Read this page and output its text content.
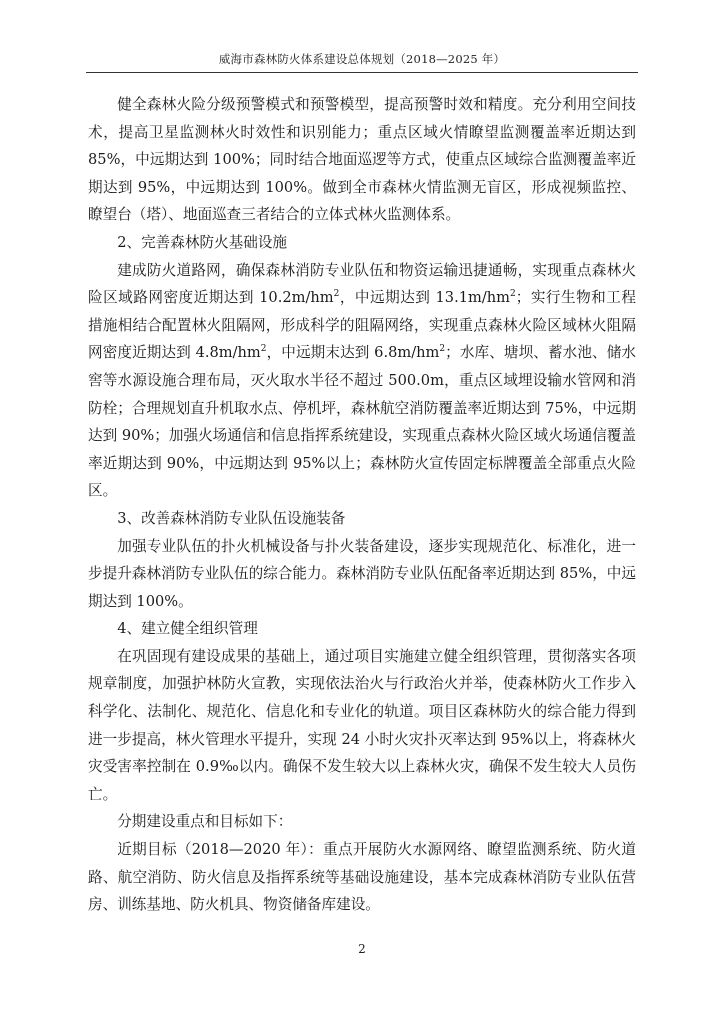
威海市森林防火体系建设总体规划（2018—2025 年）

健全森林火险分级预警模式和预警模型，提高预警时效和精度。充分利用空间技术，提高卫星监测林火时效性和识别能力；重点区域火情瞭望监测覆盖率近期达到 85%，中远期达到 100%；同时结合地面巡逻等方式，使重点区域综合监测覆盖率近期达到 95%，中远期达到 100%。做到全市森林火情监测无盲区，形成视频监控、瞭望台（塔）、地面巡查三者结合的立体式林火监测体系。

2、完善森林防火基础设施

建成防火道路网，确保森林消防专业队伍和物资运输迅捷通畅，实现重点森林火险区域路网密度近期达到 $10.2m/hm^2$，中远期达到 $13.1m/hm^2$；实行生物和工程措施相结合配置林火阻隔网，形成科学的阻隔网络，实现重点森林火险区域林火阻隔网密度近期达到 $4.8m/hm^2$，中远期末达到 $6.8m/hm^2$；水库、塘坝、蓄水池、储水窖等水源设施合理布局，灭火取水半径不超过 500.0m，重点区域埋设输水管网和消防栓；合理规划直升机取水点、停机坪，森林航空消防覆盖率近期达到 75%，中远期达到 90%；加强火场通信和信息指挥系统建设，实现重点森林火险区域火场通信覆盖率近期达到 90%，中远期达到 95%以上；森林防火宣传固定标牌覆盖全部重点火险区。

3、改善森林消防专业队伍设施装备

加强专业队伍的扑火机械设备与扑火装备建设，逐步实现规范化、标准化，进一步提升森林消防专业队伍的综合能力。森林消防专业队伍配备率近期达到 85%，中远期达到 100%。

4、建立健全组织管理

在巩固现有建设成果的基础上，通过项目实施建立健全组织管理，贯彻落实各项规章制度，加强护林防火宣教，实现依法治火与行政治火并举，使森林防火工作步入科学化、法制化、规范化、信息化和专业化的轨道。项目区森林防火的综合能力得到进一步提高，林火管理水平提升，实现 24 小时火灾扑灭率达到 95%以上，将森林火灾受害率控制在 0.9‰以内。确保不发生较大以上森林火灾，确保不发生较大人员伤亡。

分期建设重点和目标如下：

近期目标（2018—2020 年）：重点开展防火水源网络、瞭望监测系统、防火道路、航空消防、防火信息及指挥系统等基础设施建设，基本完成森林消防专业队伍营房、训练基地、防火机具、物资储备库建设。

2
